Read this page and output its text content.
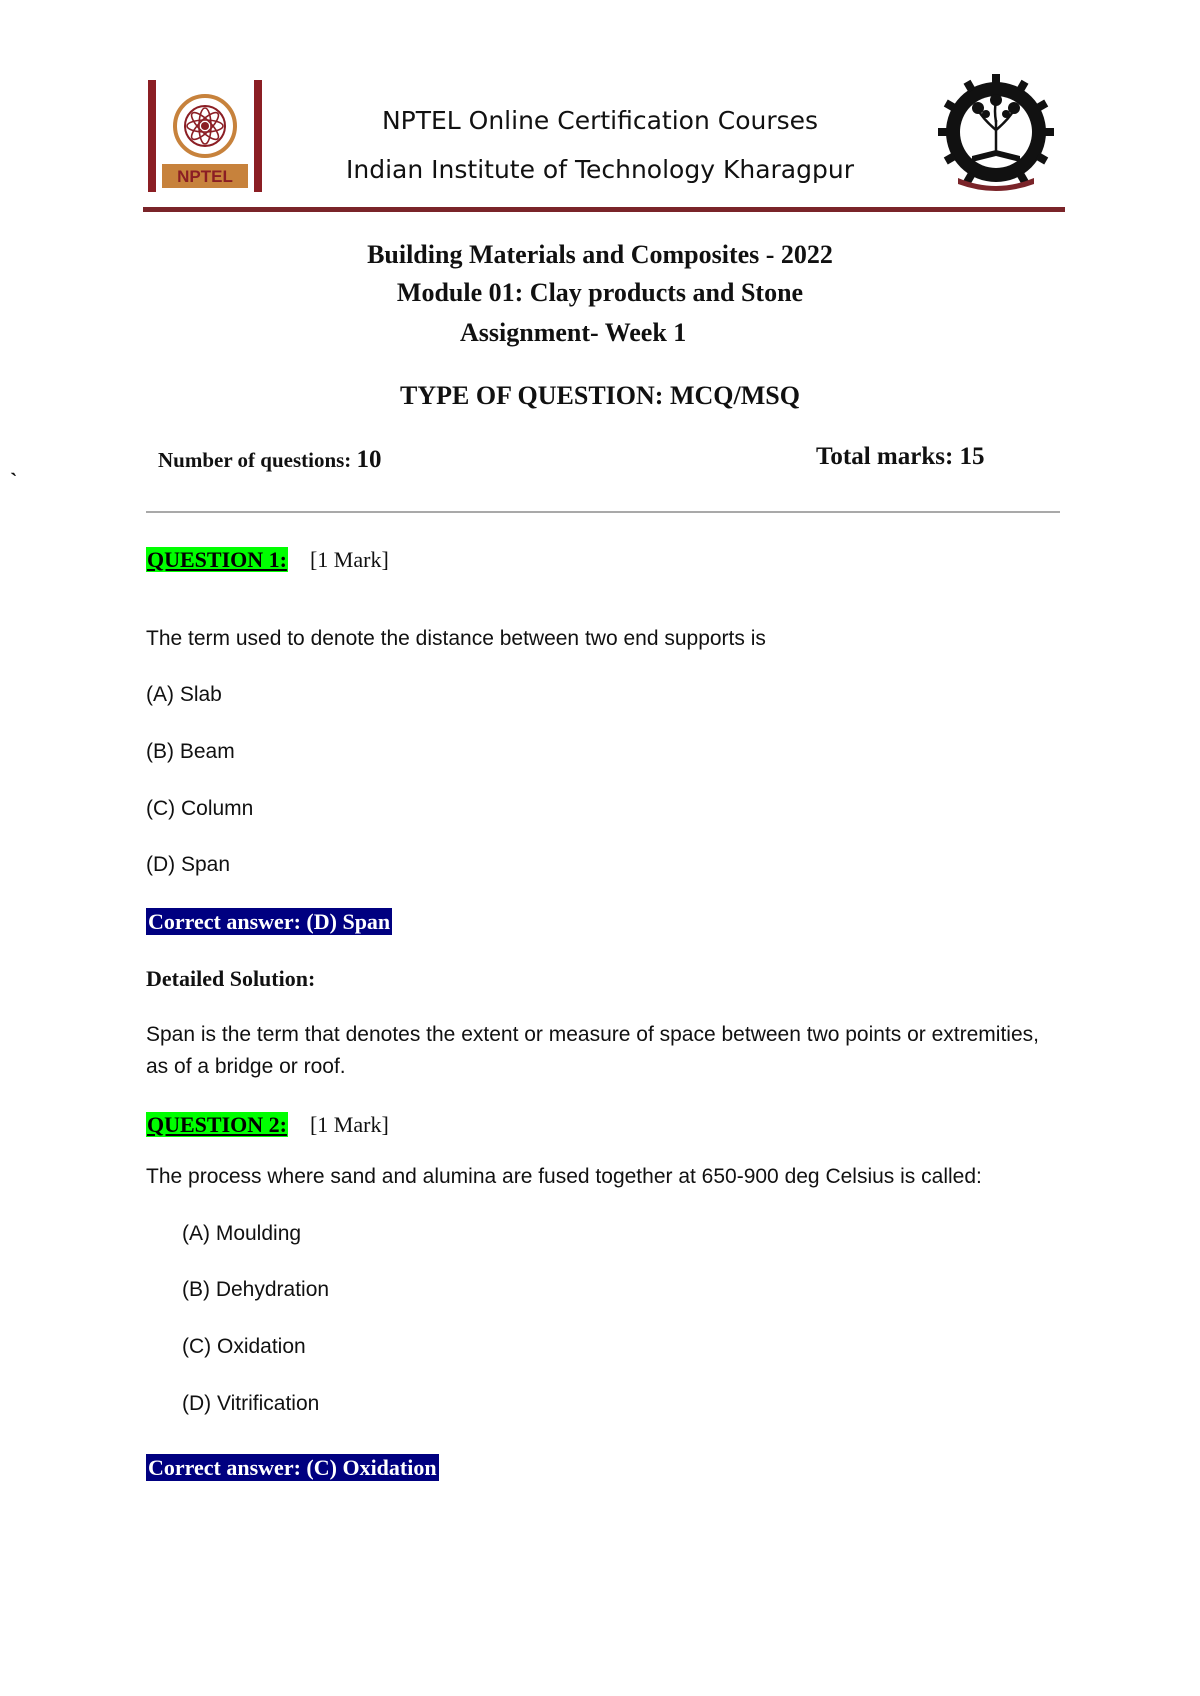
NPTEL
NPTEL Online Certification Courses
Indian Institute of Technology Kharagpur
Building Materials and Composites - 2022
Module 01: Clay products and Stone
Assignment- Week 1
TYPE OF QUESTION: MCQ/MSQ
`
Number of questions: 10	Total marks: 15
QUESTION 1: [1 Mark]
The term used to denote the distance between two end supports is
(A) Slab
(B) Beam
(C) Column
(D) Span
Correct answer: (D) Span
Detailed Solution:
Span is the term that denotes the extent or measure of space between two points or extremities,
as of a bridge or roof.
QUESTION 2: [1 Mark]
The process where sand and alumina are fused together at 650-900 deg Celsius is called:
(A) Moulding
(B) Dehydration
(C) Oxidation
(D) Vitrification
Correct answer: (C) Oxidation
